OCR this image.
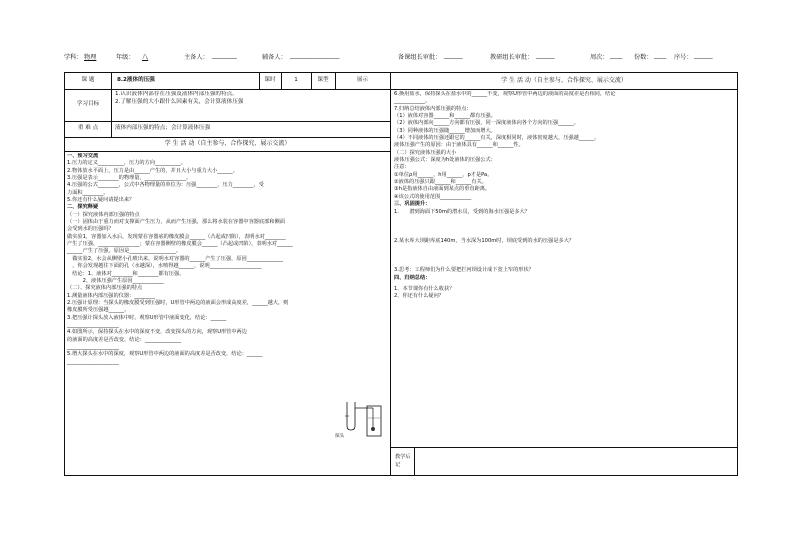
学科： 物理	年级： 八	主备人： ________	辅备人： ________________	备课组长审批： ______	教研组长审批： ______	周次： ____ 份数： ____ 序号： ______
课 题	8.2液体的压强	课时	1	课型	展示
学习目标
1.认识液体内部存在压强及液体内部压强的特点。
2.了解压强的大小跟什么因素有关，会计算液体压强
重 难 点	液体内部压强的特点；会计算液体压强
学 生 活 动（自主参与、合作探究、展示交流）
一、预习交流
1.压力的定义__________，压力的方向__________。
2.物体放水平面上，压力是由______产生的，并且大小与重力大小______。
3.压强是表示________的物理量，________________。
4.压强的公式________，公式中各物理量的单位为：压强________，压力________，受
力面积________。
5.你还有什么疑问请提出来？
二、探究释疑
（一）探究液体内部压强的特点
（一）固体由于重力而对支撑面产生压力，从而产生压强，那么将水装在容器中容器底部和侧面
会受到水的压强吗？
做实验1，容器加入水后，发现蒙在容器底的橡皮膜会______（凸起或凹陷），表明水对________
产生了压强，________________；蒙在容器侧壁的橡皮膜会______（凸起或凹陷），表明水对______
______产生了压强，原因是__________________。
　做实验2，水会从侧壁小孔喷出来，说明水对容器的______产生了压强，原因______________
　，你会发现越往下面的孔（水越深），水喷得越______，说明____________________
　结论：1、液体对________和________都有压强。
　　　2、液体压强产生原因____________
（二）、探究液体内部压强的特点
1.测量液体内部压强的仪器：________
2.压强计原理：当探头的橡皮膜受到压强时，U形管中两边的液面会形成高度差，______越大，则
橡皮膜所受压强越______。
3.把压强计探头放入液体中时，观察U形管中液面变化，结论：______
____________________
4.如图所示，保持探头在水中的深度不变，改变探头的方向，观察U形管中两边
的液面的高度差是否改变，结论：______________
____________________
5.增大探头在水中的深度，观察U形管中两边的液面的高度差是否改变，结论：______
____________________
探头
学 生 活 动（自主参与、合作探究、展示交流）
6.换用盐水，保持探头在盐水中的______不变，观察U形管中两边的液面的高度差是否相同，结论
____________。
7.归纳总结液体内部压强的特点：
（1）液体对容器______和______都有压强。
（2）液体内部向______方向都有压强，同一深度液体向各个方向的压强______。
（3）同种液体的压强随______增加而增大。
（4）不同液体的压强还跟它的______有关，深度相同时，液体密度越大，压强越______。
液体压强产生的原因：由于液体具有______和______性。
（二）探究液体压强的大小
液体压强公式：深度为h处液体的压强公式：
注意：
①单位ρ用______，h用______，p才是Pa。
②液体的压强只跟______和______有关。
③h是指液体自由液面到某点的垂直距离。
④该公式的使用范围____________
三、巩固提升：
1.　　潜到海面下50m的潜水员，受到的海水压强是多大？
2.某水库大坝距库底140m，当水深为100m时，坝底受到的水的压强是多大？
3.思考：工程师们为什么要把拦河坝设计成下宽上窄的形状？
四、归纳总结：
1、本节课你有什么收获？
2、你还有什么疑问？
教学后记
